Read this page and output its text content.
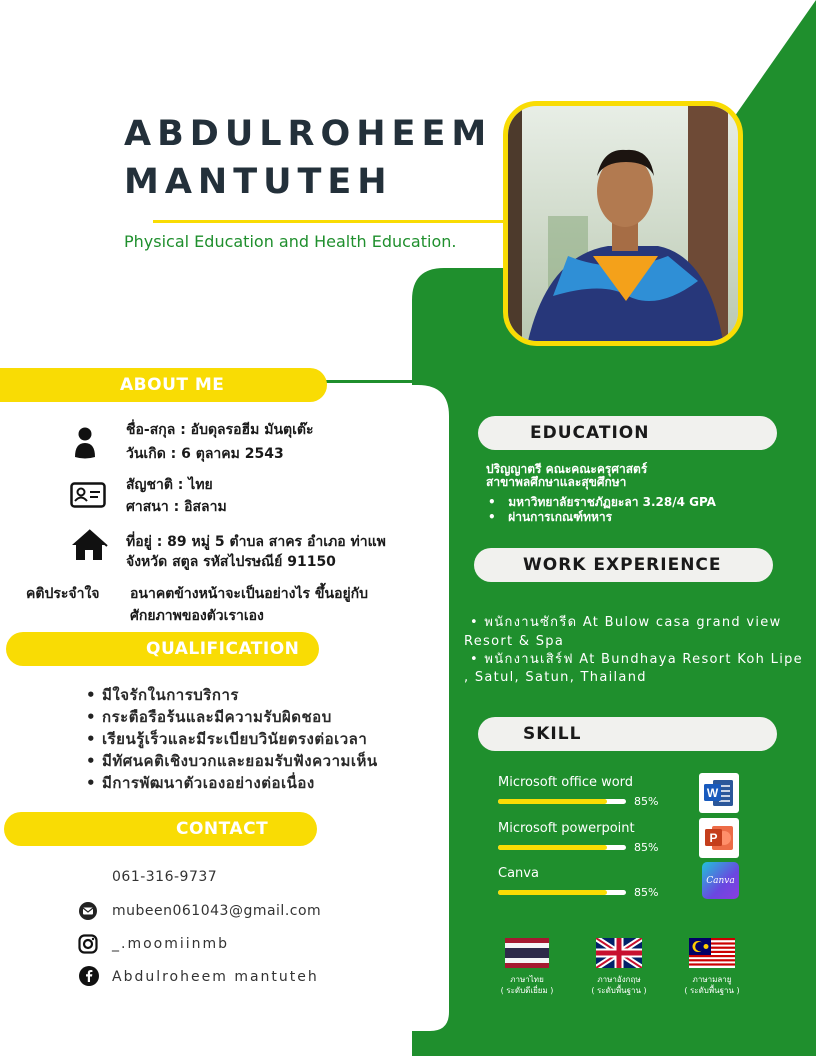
ABDULROHEEM
MANTUTEH
Physical Education and Health Education.
ABOUT ME
ชื่อ-สกุล : อับดุลรอฮีม มันตุเต๊ะ
วันเกิด : 6 ตุลาคม 2543
สัญชาติ : ไทย
ศาสนา : อิสลาม
ที่อยู่ : 89 หมู่ 5 ตำบล สาคร อำเภอ ท่าแพ
จังหวัด สตูล รหัสไปรษณีย์ 91150
คติประจำใจ อนาคตข้างหน้าจะเป็นอย่างไร ขึ้นอยู่กับ
ศักยภาพของตัวเราเอง
QUALIFICATION
• มีใจรักในการบริการ
• กระตือรือร้นและมีความรับผิดชอบ
• เรียนรู้เร็วและมีระเบียบวินัยตรงต่อเวลา
• มีทัศนคติเชิงบวกและยอมรับฟังความเห็น
• มีการพัฒนาตัวเองอย่างต่อเนื่อง
CONTACT
061-316-9737
mubeen061043@gmail.com
_.moomiinmb
Abdulroheem mantuteh
EDUCATION
ปริญญาตรี คณะคณะครุศาสตร์
สาขาพลศึกษาและสุขศึกษา
•   มหาวิทยาลัยราชภัฏยะลา 3.28/4 GPA
•   ผ่านการเกณฑ์ทหาร
WORK EXPERIENCE
• พนักงานซักรีด At Bulow casa grand view
Resort & Spa
• พนักงานเสิร์ฟ At Bundhaya Resort Koh Lipe
, Satul, Satun, Thailand
SKILL
Microsoft office word
85%
Microsoft powerpoint
85%
Canva
85%
W
P
Canva
ภาษาไทย
( ระดับดีเยี่ยม )
ภาษาอังกฤษ
( ระดับพื้นฐาน )
ภาษามลายู
( ระดับพื้นฐาน )
